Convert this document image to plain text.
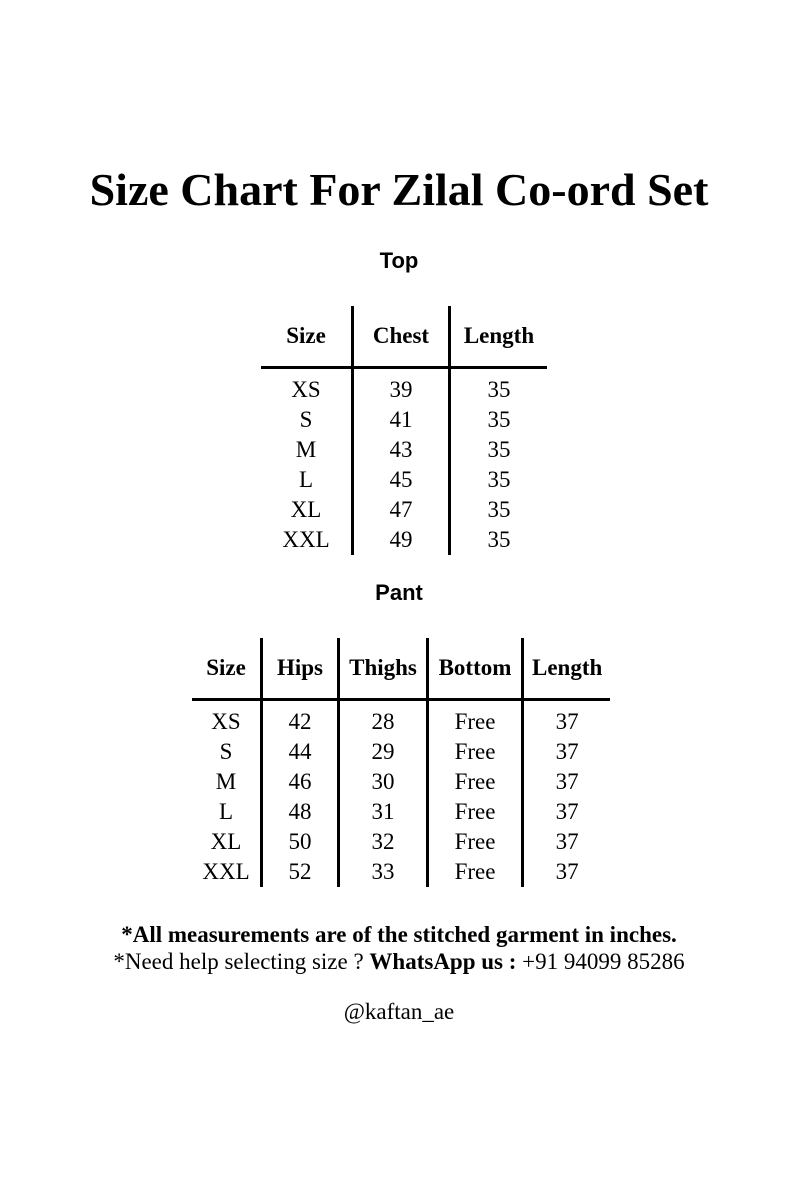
Size Chart For Zilal Co-ord Set
Top
Size	Chest	Length
XS	39	35
S	41	35
M	43	35
L	45	35
XL	47	35
XXL	49	35
Pant
Size	Hips	Thighs	Bottom	Length
XS	42	28	Free	37
S	44	29	Free	37
M	46	30	Free	37
L	48	31	Free	37
XL	50	32	Free	37
XXL	52	33	Free	37
*All measurements are of the stitched garment in inches.
*Need help selecting size ? WhatsApp us : +91 94099 85286
@kaftan_ae
